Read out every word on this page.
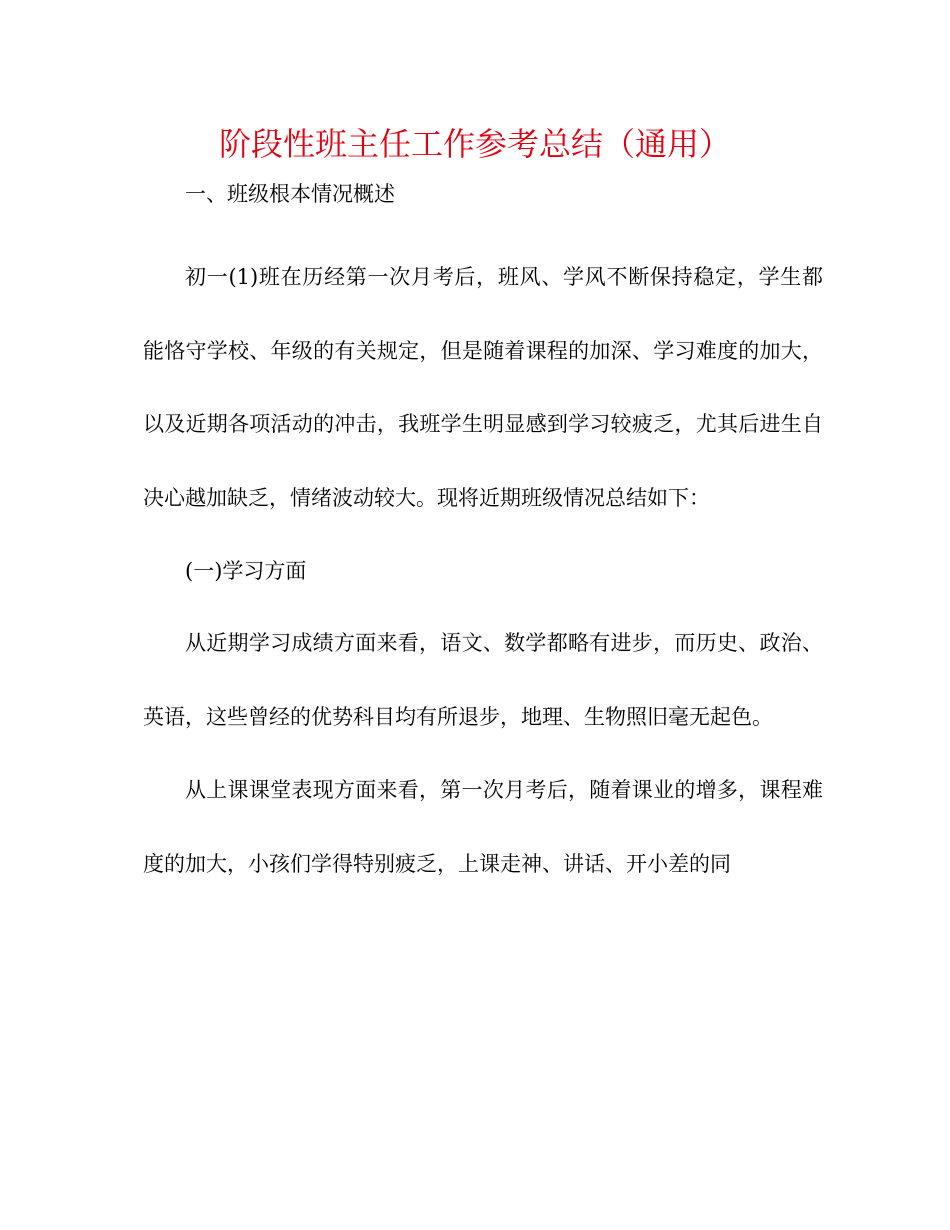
阶段性班主任工作参考总结（通用）

一、班级根本情况概述

初一(1)班在历经第一次月考后，班风、学风不断保持稳定，学生都能恪守学校、年级的有关规定，但是随着课程的加深、学习难度的加大，以及近期各项活动的冲击，我班学生明显感到学习较疲乏，尤其后进生自决心越加缺乏，情绪波动较大。现将近期班级情况总结如下：

(一)学习方面

从近期学习成绩方面来看，语文、数学都略有进步，而历史、政治、英语，这些曾经的优势科目均有所退步，地理、生物照旧毫无起色。

从上课课堂表现方面来看，第一次月考后，随着课业的增多，课程难度的加大，小孩们学得特别疲乏，上课走神、讲话、开小差的同
